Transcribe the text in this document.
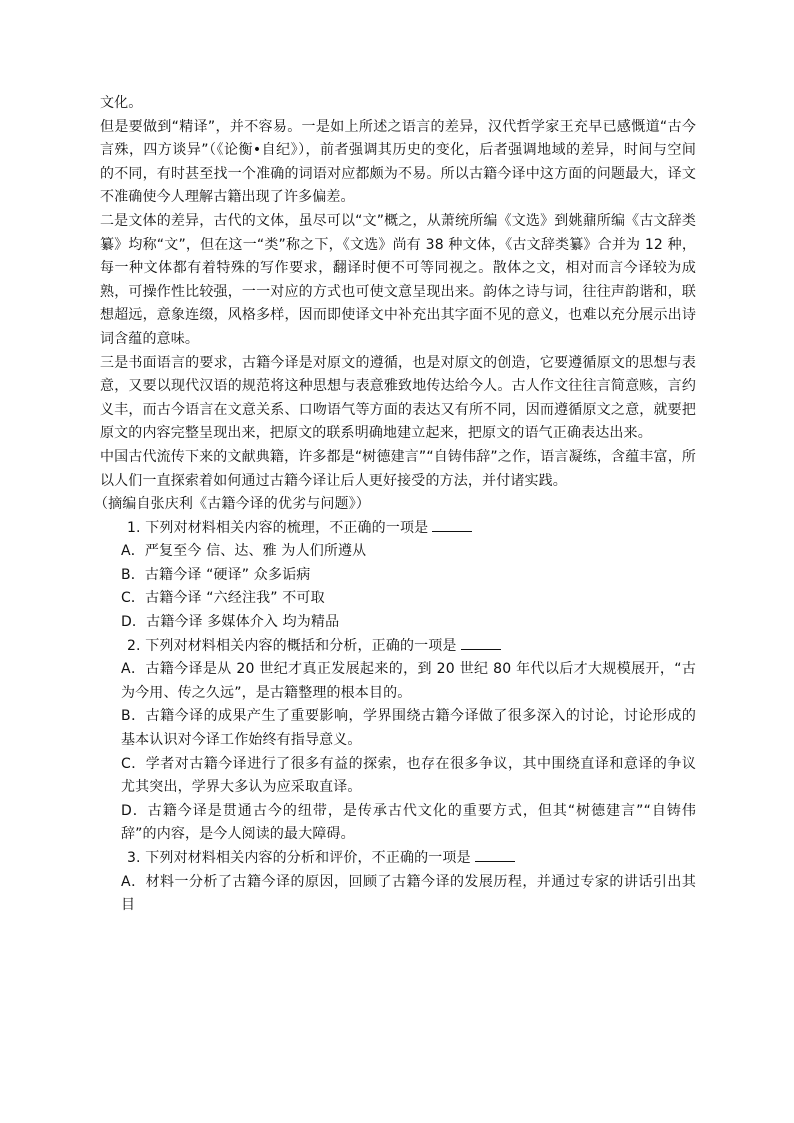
文化。

但是要做到“精译”，并不容易。一是如上所述之语言的差异，汉代哲学家王充早已感慨道“古今言殊，四方谈异”（《论衡•自纪》），前者强调其历史的变化，后者强调地域的差异，时间与空间的不同，有时甚至找一个准确的词语对应都颇为不易。所以古籍今译中这方面的问题最大，译文不准确使今人理解古籍出现了许多偏差。

二是文体的差异，古代的文体，虽尽可以“文”概之，从萧统所编《文选》到姚鼐所编《古文辞类纂》均称“文”，但在这一“类”称之下，《文选》尚有 38 种文体，《古文辞类纂》合并为 12 种，每一种文体都有着特殊的写作要求，翻译时便不可等同视之。散体之文，相对而言今译较为成熟，可操作性比较强，一一对应的方式也可使文意呈现出来。韵体之诗与词，往往声韵谐和，联想超远，意象连缀，风格多样，因而即使译文中补充出其字面不见的意义，也难以充分展示出诗词含蕴的意味。

三是书面语言的要求，古籍今译是对原文的遵循，也是对原文的创造，它要遵循原文的思想与表意，又要以现代汉语的规范将这种思想与表意雅致地传达给今人。古人作文往往言简意赅，言约义丰，而古今语言在文意关系、口吻语气等方面的表达又有所不同，因而遵循原文之意，就要把原文的内容完整呈现出来，把原文的联系明确地建立起来，把原文的语气正确表达出来。

中国古代流传下来的文献典籍，许多都是“树德建言”“自铸伟辞”之作，语言凝练，含蕴丰富，所以人们一直探索着如何通过古籍今译让后人更好接受的方法，并付诸实践。

（摘编自张庆利《古籍今译的优劣与问题》）

1. 下列对材料相关内容的梳理，不正确的一项是

A．严复至今 信、达、雅 为人们所遵从

B．古籍今译 “硬译” 众多诟病

C．古籍今译 “六经注我” 不可取

D．古籍今译 多媒体介入 均为精品

2. 下列对材料相关内容的概括和分析，正确的一项是

A．古籍今译是从 20 世纪才真正发展起来的，到 20 世纪 80 年代以后才大规模展开，“古为今用、传之久远”，是古籍整理的根本目的。

B．古籍今译的成果产生了重要影响，学界围绕古籍今译做了很多深入的讨论，讨论形成的基本认识对今译工作始终有指导意义。

C．学者对古籍今译进行了很多有益的探索，也存在很多争议，其中围绕直译和意译的争议尤其突出，学界大多认为应采取直译。

D．古籍今译是贯通古今的纽带，是传承古代文化的重要方式，但其“树德建言”“自铸伟辞”的内容，是今人阅读的最大障碍。

3. 下列对材料相关内容的分析和评价，不正确的一项是

A．材料一分析了古籍今译的原因，回顾了古籍今译的发展历程，并通过专家的讲话引出其目
